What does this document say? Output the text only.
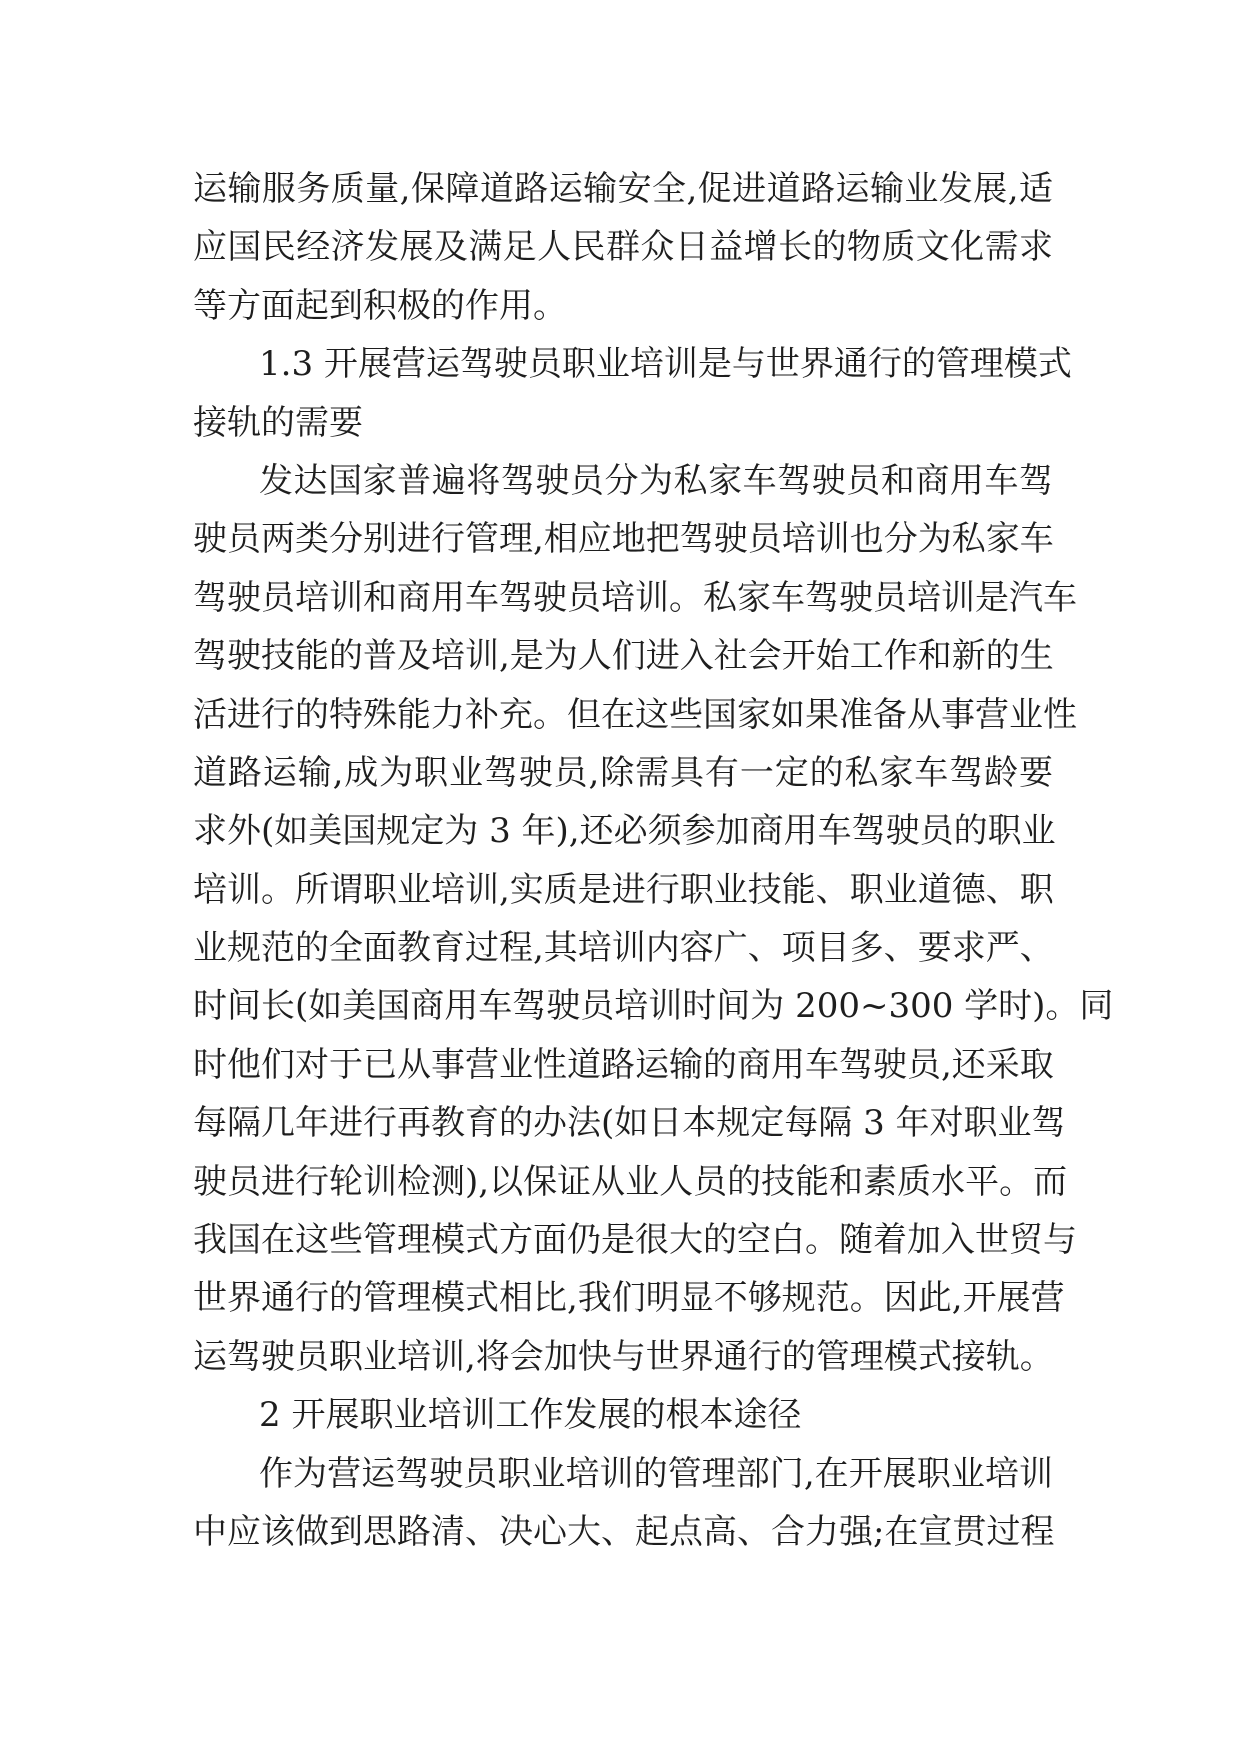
运输服务质量,保障道路运输安全,促进道路运输业发展,适
应国民经济发展及满足人民群众日益增长的物质文化需求
等方面起到积极的作用。
1.3 开展营运驾驶员职业培训是与世界通行的管理模式
接轨的需要
发达国家普遍将驾驶员分为私家车驾驶员和商用车驾
驶员两类分别进行管理,相应地把驾驶员培训也分为私家车
驾驶员培训和商用车驾驶员培训。私家车驾驶员培训是汽车
驾驶技能的普及培训,是为人们进入社会开始工作和新的生
活进行的特殊能力补充。但在这些国家如果准备从事营业性
道路运输,成为职业驾驶员,除需具有一定的私家车驾龄要
求外(如美国规定为 3 年),还必须参加商用车驾驶员的职业
培训。所谓职业培训,实质是进行职业技能、职业道德、职
业规范的全面教育过程,其培训内容广、项目多、要求严、
时间长(如美国商用车驾驶员培训时间为 200~300 学时)。同
时他们对于已从事营业性道路运输的商用车驾驶员,还采取
每隔几年进行再教育的办法(如日本规定每隔 3 年对职业驾
驶员进行轮训检测),以保证从业人员的技能和素质水平。而
我国在这些管理模式方面仍是很大的空白。随着加入世贸与
世界通行的管理模式相比,我们明显不够规范。因此,开展营
运驾驶员职业培训,将会加快与世界通行的管理模式接轨。
2 开展职业培训工作发展的根本途径
作为营运驾驶员职业培训的管理部门,在开展职业培训
中应该做到思路清、决心大、起点高、合力强;在宣贯过程
